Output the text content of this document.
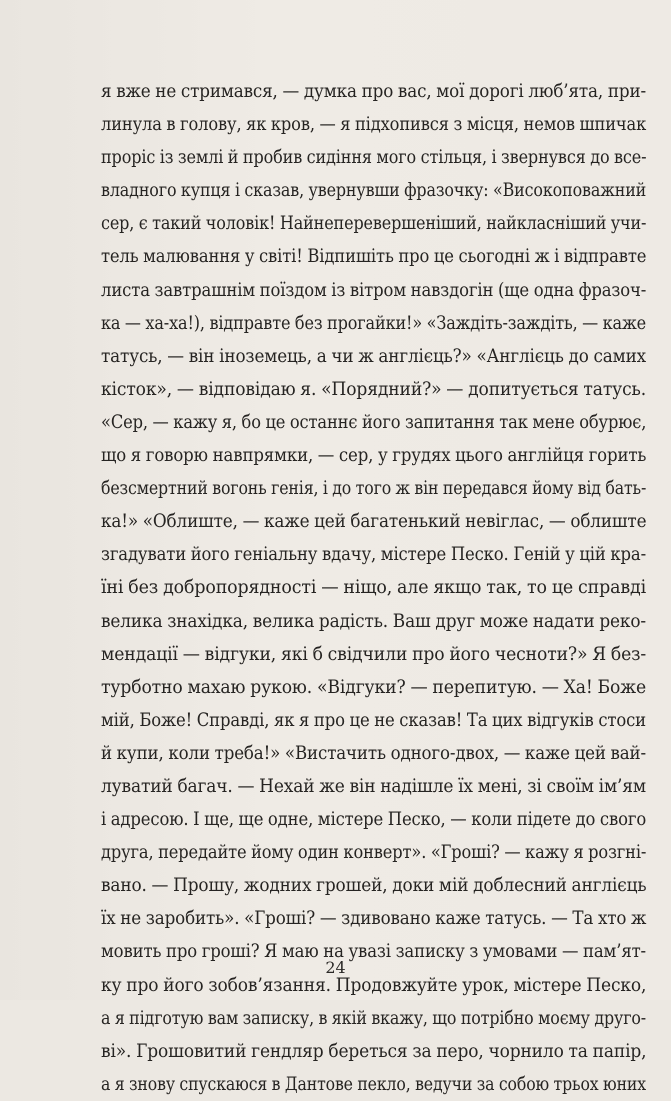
я вже не стримався, — думка про вас, мої дорогі люб’ята, при-
линула в голову, як кров, — я підхопився з місця, немов шпичак
проріс із землі й пробив сидіння мого стільця, і звернувся до все-
владного купця і сказав, увернувши фразочку: «Високоповажний
сер, є такий чоловік! Найнеперевершеніший, найкласніший учи-
тель малювання у світі! Відпишіть про це сьогодні ж і відправте
листа завтрашнім поїздом із вітром навздогін (ще одна фразоч-
ка — ха-ха!), відправте без прогайки!» «Заждіть-заждіть, — каже
татусь, — він іноземець, а чи ж англієць?» «Англієць до самих
кісток», — відповідаю я. «Порядний?» — допитується татусь.
«Сер, — кажу я, бо це останнє його запитання так мене обурює,
що я говорю навпрямки, — сер, у грудях цього англійця горить
безсмертний вогонь генія, і до того ж він передався йому від бать-
ка!» «Облиште, — каже цей багатенький невіглас, — облиште
згадувати його геніальну вдачу, містере Песко. Геній у цій кра-
їні без добропорядності — ніщо, але якщо так, то це справді
велика знахідка, велика радість. Ваш друг може надати реко-
мендації — відгуки, які б свідчили про його чесноти?» Я без-
турботно махаю рукою. «Відгуки? — перепитую. — Ха! Боже
мій, Боже! Справді, як я про це не сказав! Та цих відгуків стоси
й купи, коли треба!» «Вистачить одного-двох, — каже цей вай-
луватий багач. — Нехай же він надішле їх мені, зі своїм ім’ям
і адресою. І ще, ще одне, містере Песко, — коли підете до свого
друга, передайте йому один конверт». «Гроші? — кажу я розгні-
вано. — Прошу, жодних грошей, доки мій доблесний англієць
їх не заробить». «Гроші? — здивовано каже татусь. — Та хто ж
мовить про гроші? Я маю на увазі записку з умовами — пам’ят-
ку про його зобов’язання. Продовжуйте урок, містере Песко,
а я підготую вам записку, в якій вкажу, що потрібно моєму друго-
ві». Грошовитий гендляр береться за перо, чорнило та папір,
а я знову спускаюся в Дантове пекло, ведучи за собою трьох юних
24
